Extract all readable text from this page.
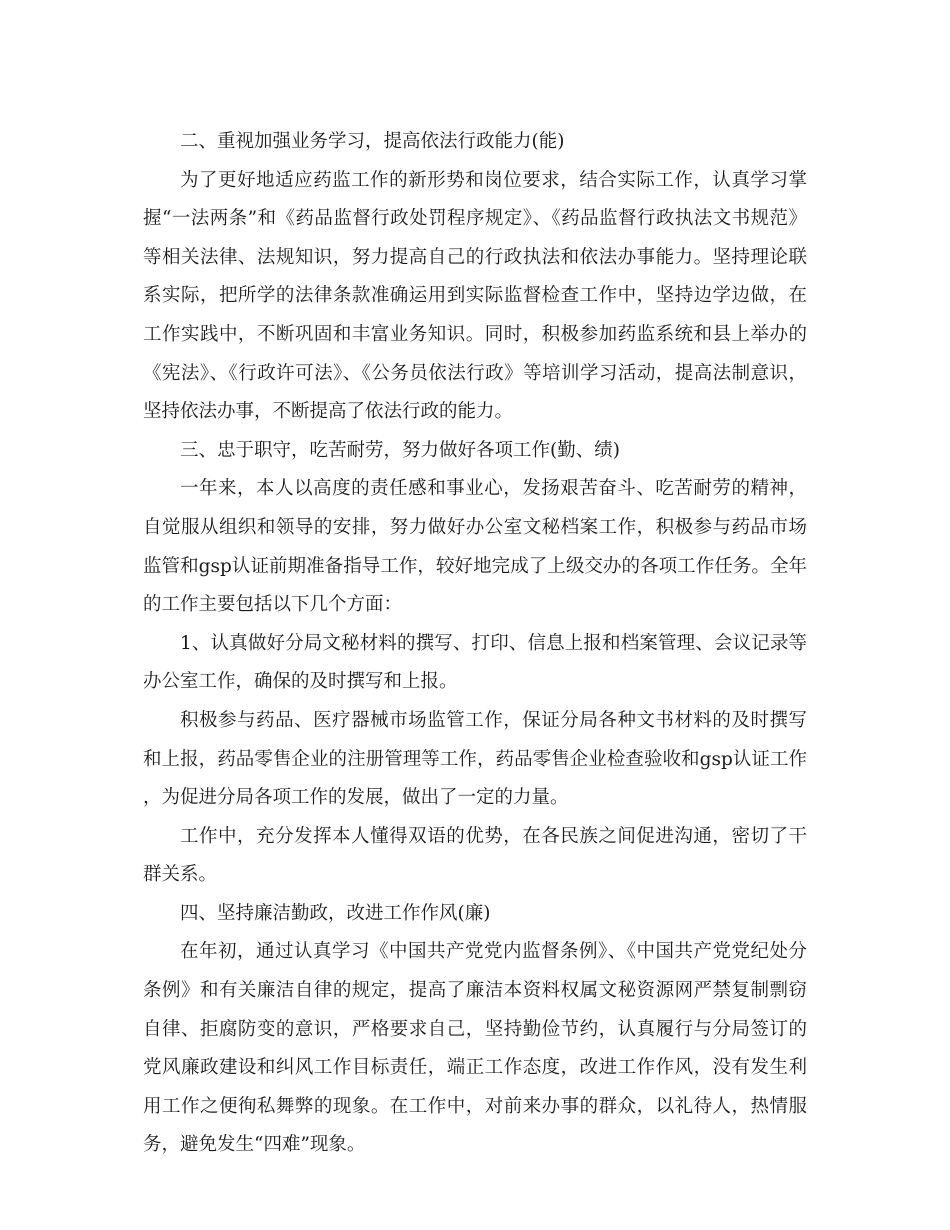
二、重视加强业务学习，提高依法行政能力(能)

为了更好地适应药监工作的新形势和岗位要求，结合实际工作，认真学习掌握“一法两条”和《药品监督行政处罚程序规定》、《药品监督行政执法文书规范》等相关法律、法规知识，努力提高自己的行政执法和依法办事能力。坚持理论联系实际，把所学的法律条款准确运用到实际监督检查工作中，坚持边学边做，在工作实践中，不断巩固和丰富业务知识。同时，积极参加药监系统和县上举办的《宪法》、《行政许可法》、《公务员依法行政》等培训学习活动，提高法制意识，坚持依法办事，不断提高了依法行政的能力。

三、忠于职守，吃苦耐劳，努力做好各项工作(勤、绩)

一年来，本人以高度的责任感和事业心，发扬艰苦奋斗、吃苦耐劳的精神，自觉服从组织和领导的安排，努力做好办公室文秘档案工作，积极参与药品市场监管和gsp认证前期准备指导工作，较好地完成了上级交办的各项工作任务。全年的工作主要包括以下几个方面：

1、认真做好分局文秘材料的撰写、打印、信息上报和档案管理、会议记录等办公室工作，确保的及时撰写和上报。

积极参与药品、医疗器械市场监管工作，保证分局各种文书材料的及时撰写和上报，药品零售企业的注册管理等工作，药品零售企业检查验收和gsp认证工作，为促进分局各项工作的发展，做出了一定的力量。

工作中，充分发挥本人懂得双语的优势，在各民族之间促进沟通，密切了干群关系。

四、坚持廉洁勤政，改进工作作风(廉)

在年初，通过认真学习《中国共产党党内监督条例》、《中国共产党党纪处分条例》和有关廉洁自律的规定，提高了廉洁本资料权属文秘资源网严禁复制剽窃自律、拒腐防变的意识，严格要求自己，坚持勤俭节约，认真履行与分局签订的党风廉政建设和纠风工作目标责任，端正工作态度，改进工作作风，没有发生利用工作之便徇私舞弊的现象。在工作中，对前来办事的群众，以礼待人，热情服务，避免发生“四难”现象。
